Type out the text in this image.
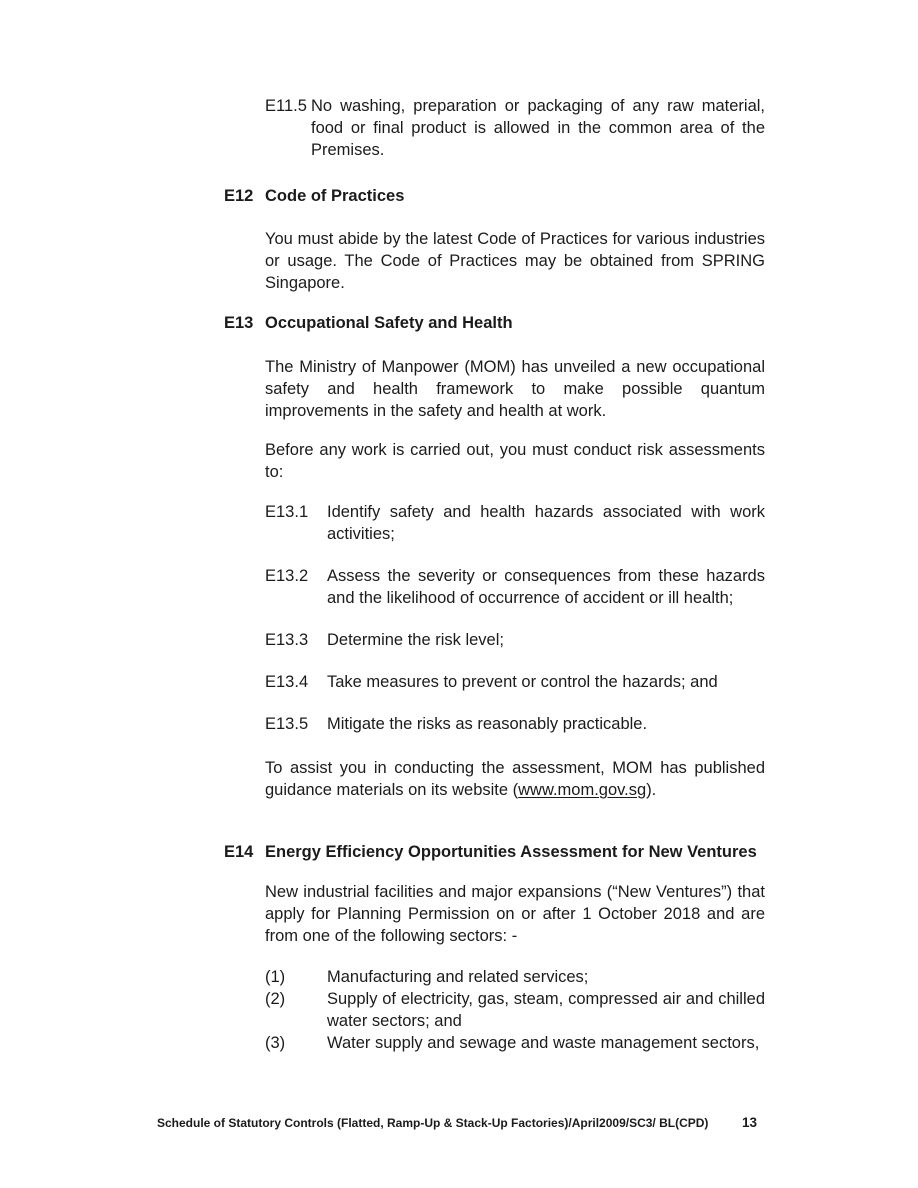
E11.5 No washing, preparation or packaging of any raw material, food or final product is allowed in the common area of the Premises.

E12 Code of Practices

You must abide by the latest Code of Practices for various industries or usage. The Code of Practices may be obtained from SPRING Singapore.

E13 Occupational Safety and Health

The Ministry of Manpower (MOM) has unveiled a new occupational safety and health framework to make possible quantum improvements in the safety and health at work.

Before any work is carried out, you must conduct risk assessments to:

E13.1	Identify safety and health hazards associated with work activities;

E13.2	Assess the severity or consequences from these hazards and the likelihood of occurrence of accident or ill health;

E13.3	Determine the risk level;

E13.4	Take measures to prevent or control the hazards; and

E13.5	Mitigate the risks as reasonably practicable.

To assist you in conducting the assessment, MOM has published guidance materials on its website (www.mom.gov.sg).

E14 Energy Efficiency Opportunities Assessment for New Ventures

New industrial facilities and major expansions (“New Ventures”) that apply for Planning Permission on or after 1 October 2018 and are from one of the following sectors: -

(1)	Manufacturing and related services;

(2)	Supply of electricity, gas, steam, compressed air and chilled water sectors; and

(3)	Water supply and sewage and waste management sectors,

Schedule of Statutory Controls (Flatted, Ramp-Up & Stack-Up Factories)/April2009/SC3/ BL(CPD) 13
